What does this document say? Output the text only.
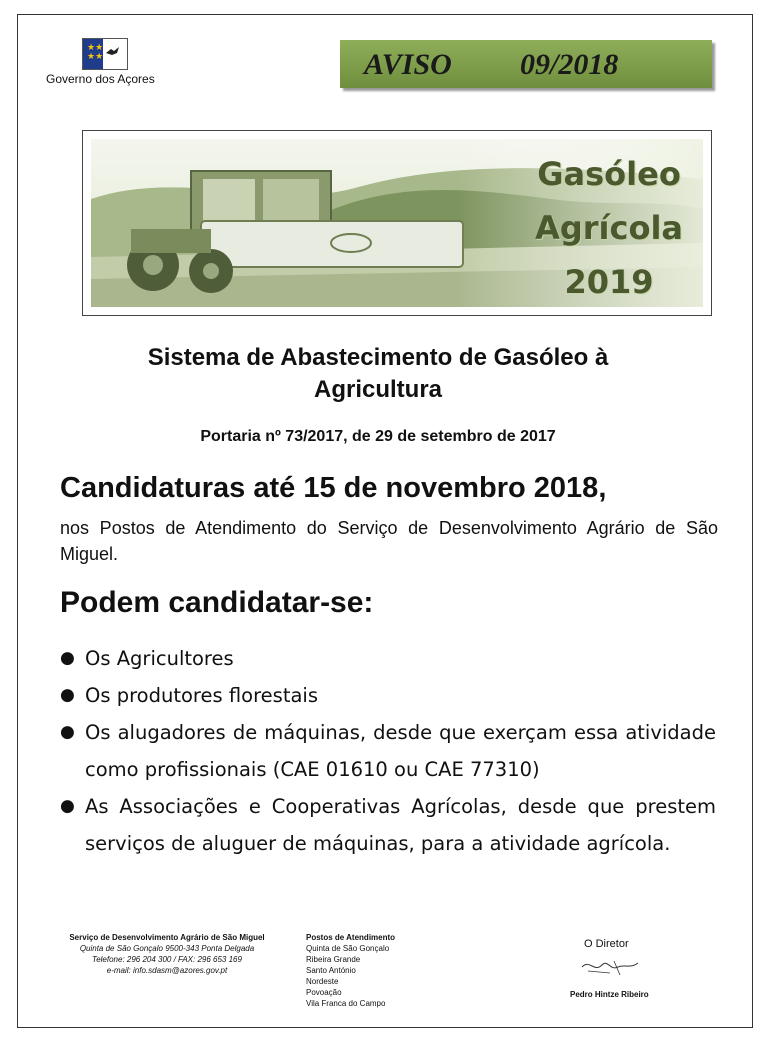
★★
★★
Governo dos Açores	AVISO 09/2018
Gasóleo
Agrícola
2019
Sistema de Abastecimento de Gasóleo à
Agricultura
Portaria nº 73/2017, de 29 de setembro de 2017
Candidaturas até 15 de novembro 2018,
nos Postos de Atendimento do Serviço de Desenvolvimento Agrário de São Miguel.
Podem candidatar-se:
● Os Agricultores
● Os produtores florestais
● Os alugadores de máquinas, desde que exerçam essa atividade como profissionais (CAE 01610 ou CAE 77310)
● As Associações e Cooperativas Agrícolas, desde que prestem serviços de aluguer de máquinas, para a atividade agrícola.
Serviço de Desenvolvimento Agrário de São Miguel
Quinta de São Gonçalo 9500-343 Ponta Delgada
Telefone: 296 204 300 / FAX: 296 653 169
e-mail: info.sdasm@azores.gov.pt
Postos de Atendimento
Quinta de São Gonçalo
Ribeira Grande
Santo António
Nordeste
Povoação
Vila Franca do Campo
O Diretor
Pedro Hintze Ribeiro
